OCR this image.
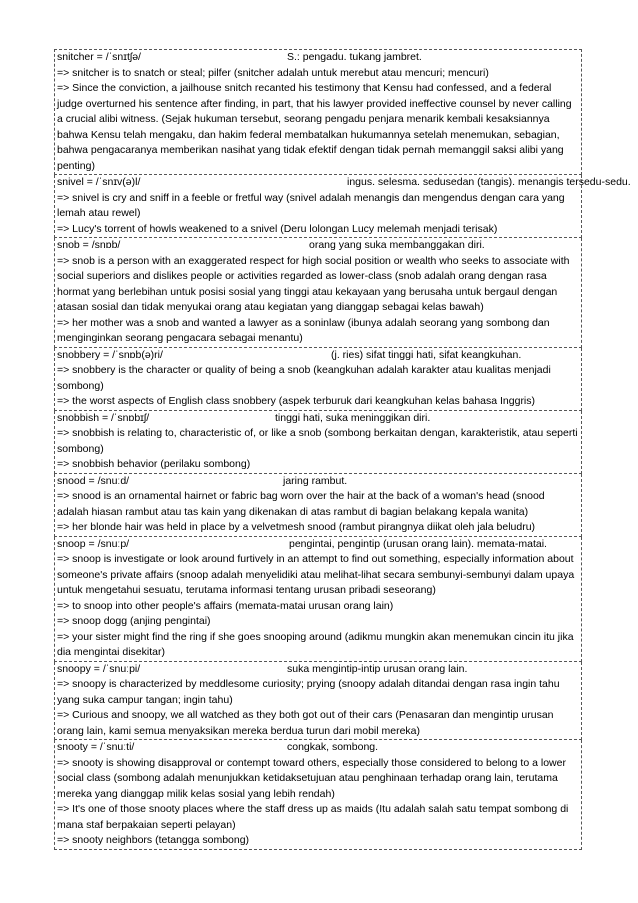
snitcher = /ˈsnɪtʃə/	S.: pengadu. tukang jambret.

=> snitcher is to snatch or steal; pilfer (snitcher adalah untuk merebut atau mencuri; mencuri)

=> Since the conviction, a jailhouse snitch recanted his testimony that Kensu had confessed, and a federal judge overturned his sentence after finding, in part, that his lawyer provided ineffective counsel by never calling a crucial alibi witness. (Sejak hukuman tersebut, seorang pengadu penjara menarik kembali kesaksiannya bahwa Kensu telah mengaku, dan hakim federal membatalkan hukumannya setelah menemukan, sebagian, bahwa pengacaranya memberikan nasihat yang tidak efektif dengan tidak pernah memanggil saksi alibi yang penting)

snivel = /ˈsnɪv(ə)l/	ingus. selesma. sedusedan (tangis). menangis tersedu-sedu.

=> snivel is cry and sniff in a feeble or fretful way (snivel adalah menangis dan mengendus dengan cara yang lemah atau rewel)

=> Lucy's torrent of howls weakened to a snivel (Deru lolongan Lucy melemah menjadi terisak)

snob = /snɒb/	orang yang suka membanggakan diri.

=> snob is a person with an exaggerated respect for high social position or wealth who seeks to associate with social superiors and dislikes people or activities regarded as lower-class (snob adalah orang dengan rasa hormat yang berlebihan untuk posisi sosial yang tinggi atau kekayaan yang berusaha untuk bergaul dengan atasan sosial dan tidak menyukai orang atau kegiatan yang dianggap sebagai kelas bawah)

=> her mother was a snob and wanted a lawyer as a soninlaw (ibunya adalah seorang yang sombong dan menginginkan seorang pengacara sebagai menantu)

snobbery = /ˈsnɒb(ə)ri/	(j. ries) sifat tinggi hati, sifat keangkuhan.

=> snobbery is the character or quality of being a snob (keangkuhan adalah karakter atau kualitas menjadi sombong)

=> the worst aspects of English class snobbery (aspek terburuk dari keangkuhan kelas bahasa Inggris)

snobbish = /ˈsnɒbɪʃ/	tinggi hati, suka meninggikan diri.

=> snobbish is relating to, characteristic of, or like a snob (sombong berkaitan dengan, karakteristik, atau seperti sombong)

=> snobbish behavior (perilaku sombong)

snood = /snuːd/	jaring rambut.

=> snood is an ornamental hairnet or fabric bag worn over the hair at the back of a woman's head (snood adalah hiasan rambut atau tas kain yang dikenakan di atas rambut di bagian belakang kepala wanita)

=> her blonde hair was held in place by a velvetmesh snood (rambut pirangnya diikat oleh jala beludru)

snoop = /snuːp/	pengintai, pengintip (urusan orang lain). memata-matai.

=> snoop is investigate or look around furtively in an attempt to find out something, especially information about someone's private affairs (snoop adalah menyelidiki atau melihat-lihat secara sembunyi-sembunyi dalam upaya untuk mengetahui sesuatu, terutama informasi tentang urusan pribadi seseorang)

=> to snoop into other people's affairs (memata-matai urusan orang lain)

=> snoop dogg (anjing pengintai)

=> your sister might find the ring if she goes snooping around (adikmu mungkin akan menemukan cincin itu jika dia mengintai disekitar)

snoopy = /ˈsnuːpi/	suka mengintip-intip urusan orang lain.

=> snoopy is characterized by meddlesome curiosity; prying (snoopy adalah ditandai dengan rasa ingin tahu yang suka campur tangan; ingin tahu)

=> Curious and snoopy, we all watched as they both got out of their cars (Penasaran dan mengintip urusan orang lain, kami semua menyaksikan mereka berdua turun dari mobil mereka)

snooty = /ˈsnuːti/	congkak, sombong.

=> snooty is showing disapproval or contempt toward others, especially those considered to belong to a lower social class (sombong adalah menunjukkan ketidaksetujuan atau penghinaan terhadap orang lain, terutama mereka yang dianggap milik kelas sosial yang lebih rendah)

=> It's one of those snooty places where the staff dress up as maids (Itu adalah salah satu tempat sombong di mana staf berpakaian seperti pelayan)

=> snooty neighbors (tetangga sombong)
